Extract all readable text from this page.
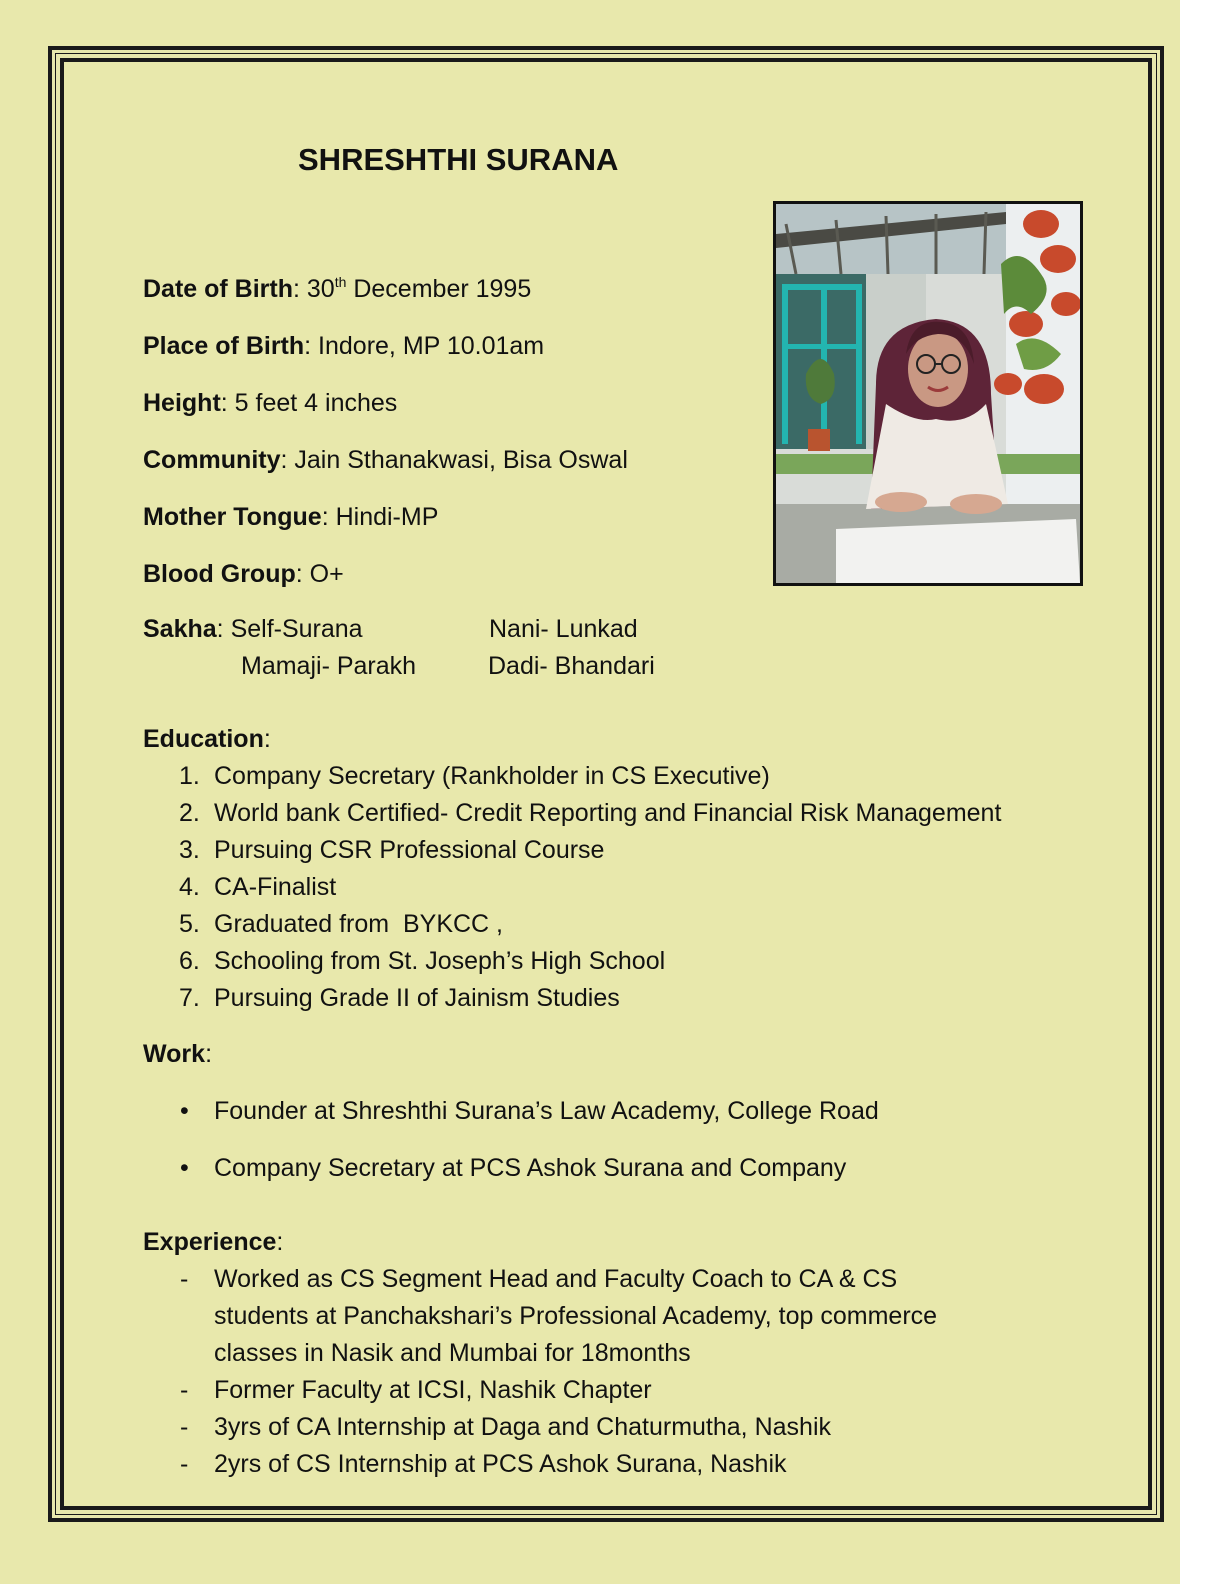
SHRESHTHI SURANA
Date of Birth: 30th December 1995
Place of Birth: Indore, MP 10.01am
Height: 5 feet 4 inches
Community: Jain Sthanakwasi, Bisa Oswal
Mother Tongue: Hindi-MP
Blood Group: O+
Sakha: Self-Surana	Nani- Lunkad
Mamaji- Parakh	Dadi- Bhandari
Education:
1. Company Secretary (Rankholder in CS Executive)
2. World bank Certified- Credit Reporting and Financial Risk Management
3. Pursuing CSR Professional Course
4. CA-Finalist
5. Graduated from  BYKCC ,
6. Schooling from St. Joseph’s High School
7. Pursuing Grade II of Jainism Studies
Work:
• Founder at Shreshthi Surana’s Law Academy, College Road
• Company Secretary at PCS Ashok Surana and Company
Experience:
- Worked as CS Segment Head and Faculty Coach to CA & CS
students at Panchakshari’s Professional Academy, top commerce
classes in Nasik and Mumbai for 18months
- Former Faculty at ICSI, Nashik Chapter
- 3yrs of CA Internship at Daga and Chaturmutha, Nashik
- 2yrs of CS Internship at PCS Ashok Surana, Nashik
